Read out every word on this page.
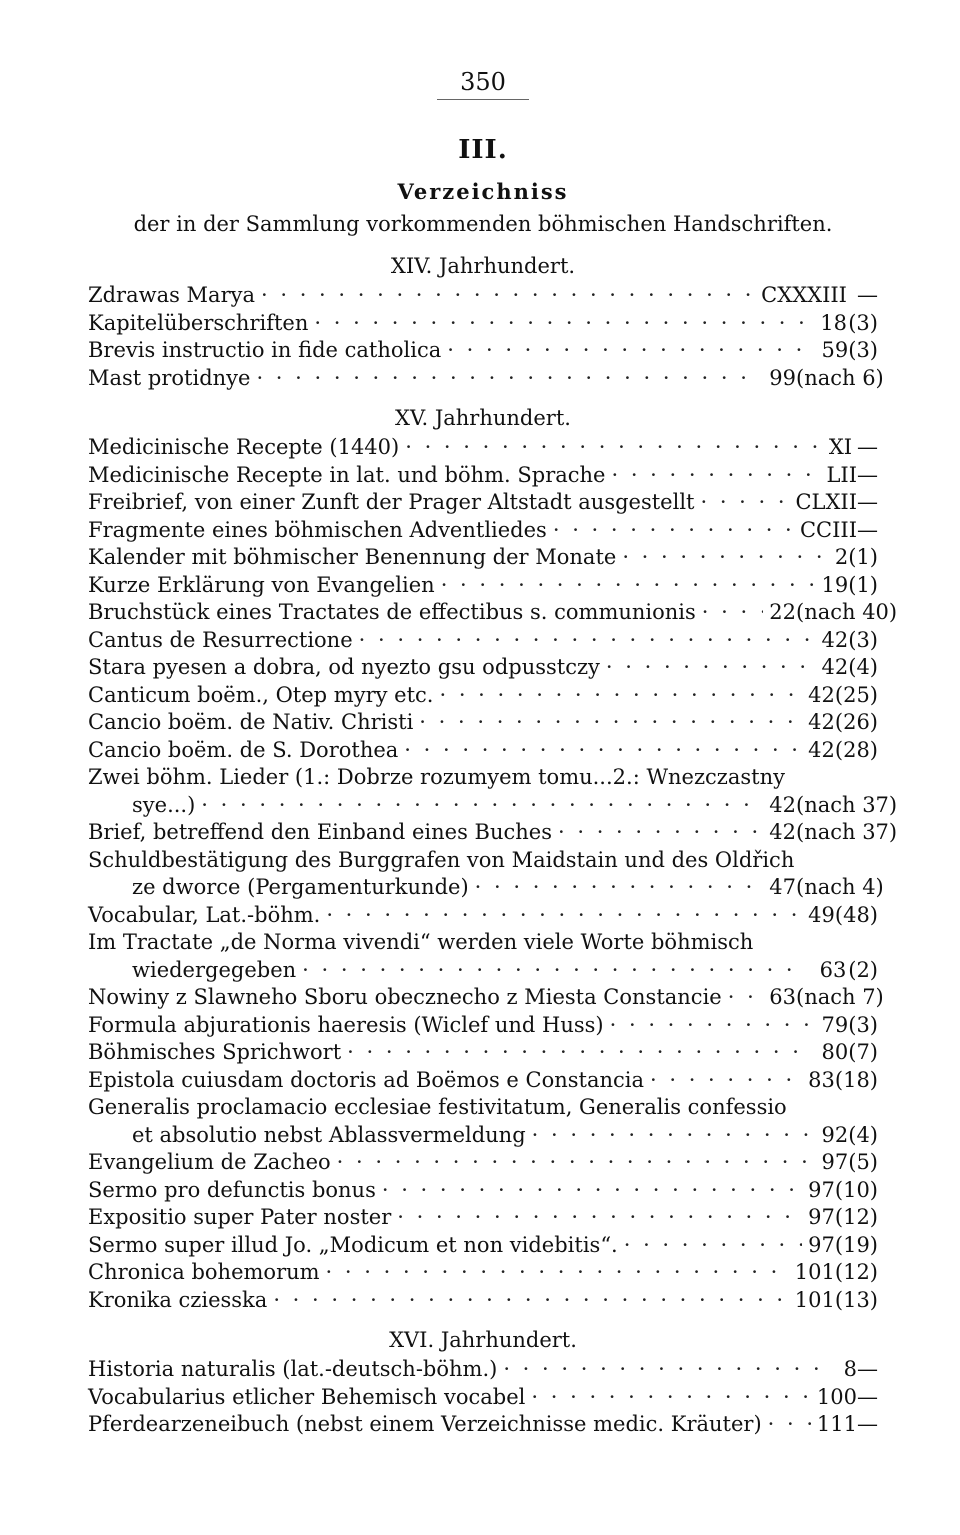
350
III.
Verzeichniss
der in der Sammlung vorkommenden böhmischen Handschriften.
XIV. Jahrhundert.
Zdrawas Marya · · ·	CXXXIII —
Kapitelüberschriften · · ·	18 (3)
Brevis instructio in fide catholica · · ·	59 (3)
Mast protidnye · · ·	99 (nach 6)
XV. Jahrhundert.
Medicinische Recepte (1440) · · ·	XI —
Medicinische Recepte in lat. und böhm. Sprache · · ·	LII —
Freibrief, von einer Zunft der Prager Altstadt ausgestellt · · ·	CLXII —
Fragmente eines böhmischen Adventliedes · · ·	CCIII —
Kalender mit böhmischer Benennung der Monate · · ·	2 (1)
Kurze Erklärung von Evangelien · · ·	19 (1)
Bruchstück eines Tractates de effectibus s. communionis · · ·	22 (nach 40)
Cantus de Resurrectione · · ·	42 (3)
Stara pyesen a dobra, od nyezto gsu odpusstczy · · ·	42 (4)
Canticum boëm., Otep myry etc. · · ·	42 (25)
Cancio boëm. de Nativ. Christi · · ·	42 (26)
Cancio boëm. de S. Dorothea · · ·	42 (28)
Zwei böhm. Lieder (1.: Dobrze rozumyem tomu...2.: Wnezczastny
sye...) · · ·	42 (nach 37)
Brief, betreffend den Einband eines Buches · · ·	42 (nach 37)
Schuldbestätigung des Burggrafen von Maidstain und des Oldřich
ze dworce (Pergamenturkunde) · · ·	47 (nach 4)
Vocabular, Lat.-böhm. · · ·	49 (48)
Im Tractate „de Norma vivendi“ werden viele Worte böhmisch
wiedergegeben · · ·	63 (2)
Nowiny z Slawneho Sboru obecznecho z Miesta Constancie · · · 63 (nach 7)
Formula abjurationis haeresis (Wiclef und Huss) · · ·	79 (3)
Böhmisches Sprichwort · · ·	80 (7)
Epistola cuiusdam doctoris ad Boëmos e Constancia · · ·	83 (18)
Generalis proclamacio ecclesiae festivitatum, Generalis confessio
et absolutio nebst Ablassvermeldung · · ·	92 (4)
Evangelium de Zacheo · · ·	97 (5)
Sermo pro defunctis bonus · · ·	97 (10)
Expositio super Pater noster · · ·	97 (12)
Sermo super illud Jo. „Modicum et non videbitis“. · · ·	97 (19)
Chronica bohemorum · · ·	101 (12)
Kronika cziesska · · ·	101 (13)
XVI. Jahrhundert.
Historia naturalis (lat.-deutsch-böhm.) · · ·	8 —
Vocabularius etlicher Behemisch vocabel · · ·	100 —
Pferdearzeneibuch (nebst einem Verzeichnisse medic. Kräuter) · · ·	111 —
